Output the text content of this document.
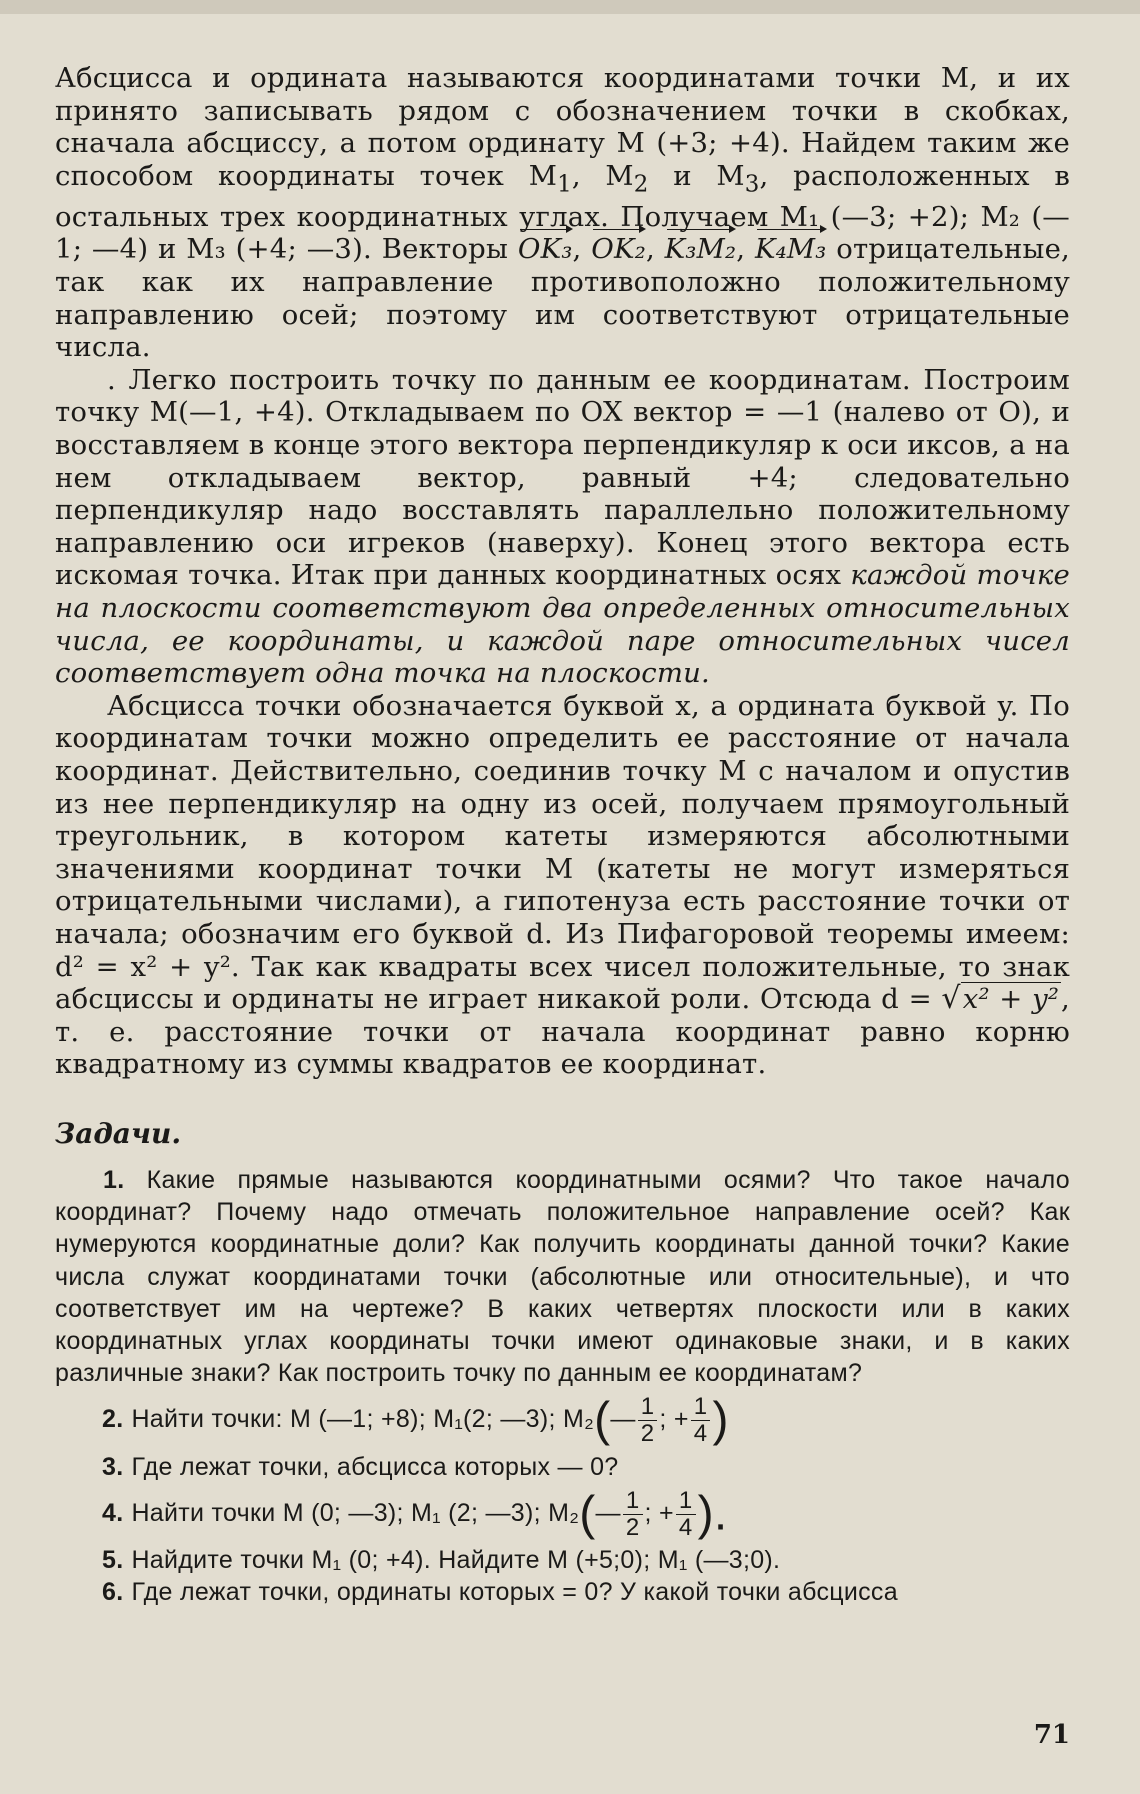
Абсцисса и ордината называются координатами точки М, и их принято записывать рядом с обозначением точки в скобках, сначала абсциссу, а потом ординату М (+3; +4). Найдем таким же способом координаты точек $М_1$, $М_2$ и $М_3$, расположенных в остальных трех координатных углах. Получаем M₁ (—3; +2); M₂ (—1; —4) и M₃ (+4; —3). Векторы OK₃, OK₂, K₃M₂, K₄M₃ отрицательные, так как их направление противоположно положительному направлению осей; поэтому им соответствуют отрицательные числа.

. Легко построить точку по данным ее координатам. Построим точку М(—1, +4). Откладываем по OX вектор = —1 (налево от O), и восставляем в конце этого вектора перпендикуляр к оси иксов, а на нем откладываем вектор, равный +4; следовательно перпендикуляр надо восставлять параллельно положительному направлению оси игреков (наверху). Конец этого вектора есть искомая точка. Итак при данных координатных осях каждой точке на плоскости соответствуют два определенных относительных числа, ее координаты, и каждой паре относительных чисел соответствует одна точка на плоскости.

Абсцисса точки обозначается буквой x, а ордината буквой y. По координатам точки можно определить ее расстояние от начала координат. Действительно, соединив точку М с началом и опустив из нее перпендикуляр на одну из осей, получаем прямоугольный треугольник, в котором катеты измеряются абсолютными значениями координат точки М (катеты не могут измеряться отрицательными числами), а гипотенуза есть расстояние точки от начала; обозначим его буквой d. Из Пифагоровой теоремы имеем: d² = x² + y². Так как квадраты всех чисел положительные, то знак абсциссы и ординаты не играет никакой роли. Отсюда d = √x² + y², т. е. расстояние точки от начала координат равно корню квадратному из суммы квадратов ее координат.

Задачи.

1. Какие прямые называются координатными осями? Что такое начало координат? Почему надо отмечать положительное направление осей? Как нумеруются координатные доли? Как получить координаты данной точки? Какие числа служат координатами точки (абсолютные или относительные), и что соответствует им на чертеже? В каких четвертях плоскости или в каких координатных углах координаты точки имеют одинаковые знаки, и в каких различные знаки? Как построить точку по данным ее координатам?

2. Найти точки: М (—1; +8); М₁(2; —3); М₂(— $\frac{1}{2}$ ; + $\frac{1}{4}$ )

3. Где лежат точки, абсцисса которых — 0?

4. Найти точки М (0; —3); М₁ (2; —3); М₂(— $\frac{1}{2}$ ; + $\frac{1}{4}$ ).

5. Найдите точки М₁ (0; +4). Найдите М (+5;0); М₁ (—3;0).

6. Где лежат точки, ординаты которых = 0? У какой точки абсцисса

71
